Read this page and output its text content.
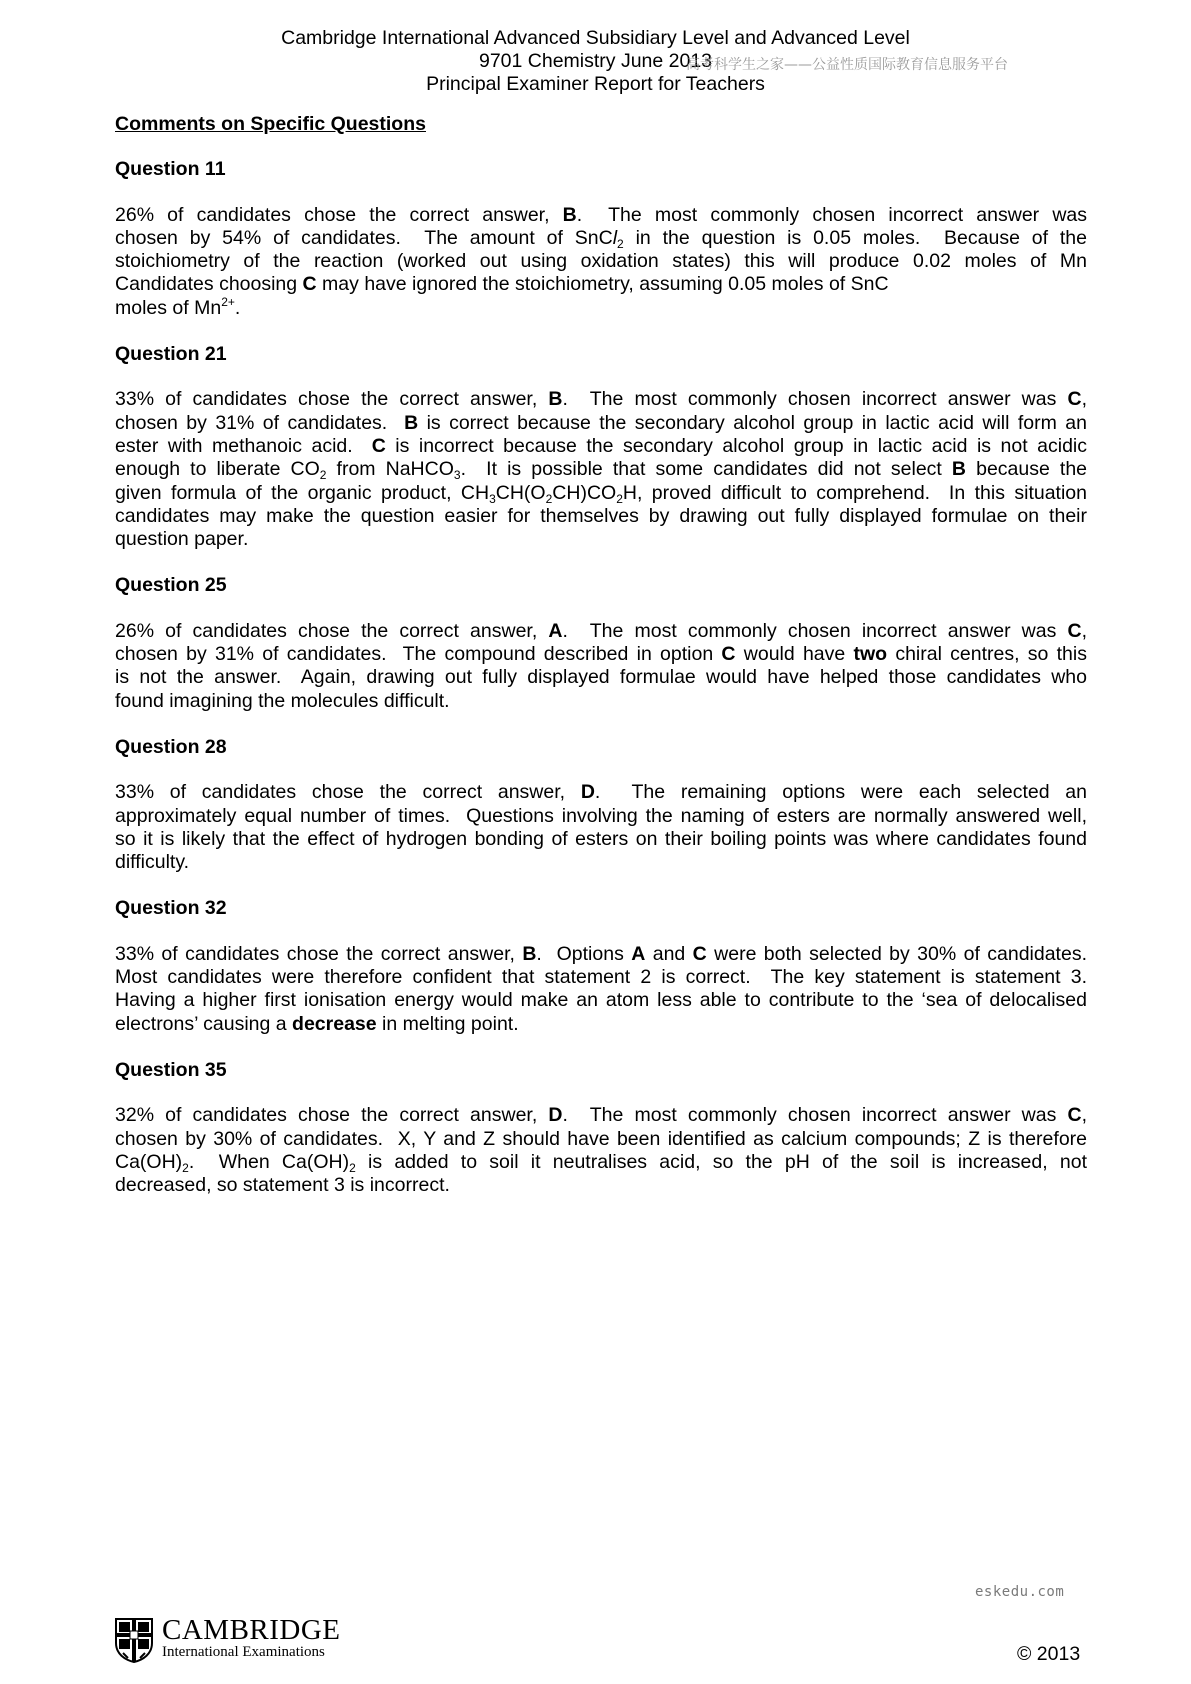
Cambridge International Advanced Subsidiary Level and Advanced Level
9701 Chemistry June 2013
Principal Examiner Report for Teachers
高考科学生之家——公益性质国际教育信息服务平台
Comments on Specific Questions
Question 11
26% of candidates chose the correct answer, B.  The most commonly chosen incorrect answer was
chosen by 54% of candidates.  The amount of SnCl$_2$ in the question is 0.05 moles.  Because of the
stoichiometry of the reaction (worked out using oxidation states) this will produce 0.02 moles of Mn
Candidates choosing C may have ignored the stoichiometry, assuming 0.05 moles of SnC
moles of $Mn^{2+}$.
Question 21
33% of candidates chose the correct answer, B.  The most commonly chosen incorrect answer was C,
chosen by 31% of candidates.  B is correct because the secondary alcohol group in lactic acid will form an
ester with methanoic acid.  C is incorrect because the secondary alcohol group in lactic acid is not acidic
enough to liberate $CO_2$ from NaHCO$_3$.  It is possible that some candidates did not select B because the
given formula of the organic product, $CH_3CH(O_2CH)CO_2H$, proved difficult to comprehend.  In this situation
candidates may make the question easier for themselves by drawing out fully displayed formulae on their
question paper.
Question 25
26% of candidates chose the correct answer, A.  The most commonly chosen incorrect answer was C,
chosen by 31% of candidates.  The compound described in option C would have two chiral centres, so this
is not the answer.  Again, drawing out fully displayed formulae would have helped those candidates who
found imagining the molecules difficult.
Question 28
33% of candidates chose the correct answer, D.  The remaining options were each selected an
approximately equal number of times.  Questions involving the naming of esters are normally answered well,
so it is likely that the effect of hydrogen bonding of esters on their boiling points was where candidates found
difficulty.
Question 32
33% of candidates chose the correct answer, B.  Options A and C were both selected by 30% of candidates.
Most candidates were therefore confident that statement 2 is correct.  The key statement is statement 3.
Having a higher first ionisation energy would make an atom less able to contribute to the ‘sea of delocalised
electrons’ causing a decrease in melting point.
Question 35
32% of candidates chose the correct answer, D.  The most commonly chosen incorrect answer was C,
chosen by 30% of candidates.  X, Y and Z should have been identified as calcium compounds; Z is therefore
$Ca(OH)_2$.  When $Ca(OH)_2$ is added to soil it neutralises acid, so the pH of the soil is increased, not
decreased, so statement 3 is incorrect.
eskedu.com
CAMBRIDGE
International Examinations	© 2013
